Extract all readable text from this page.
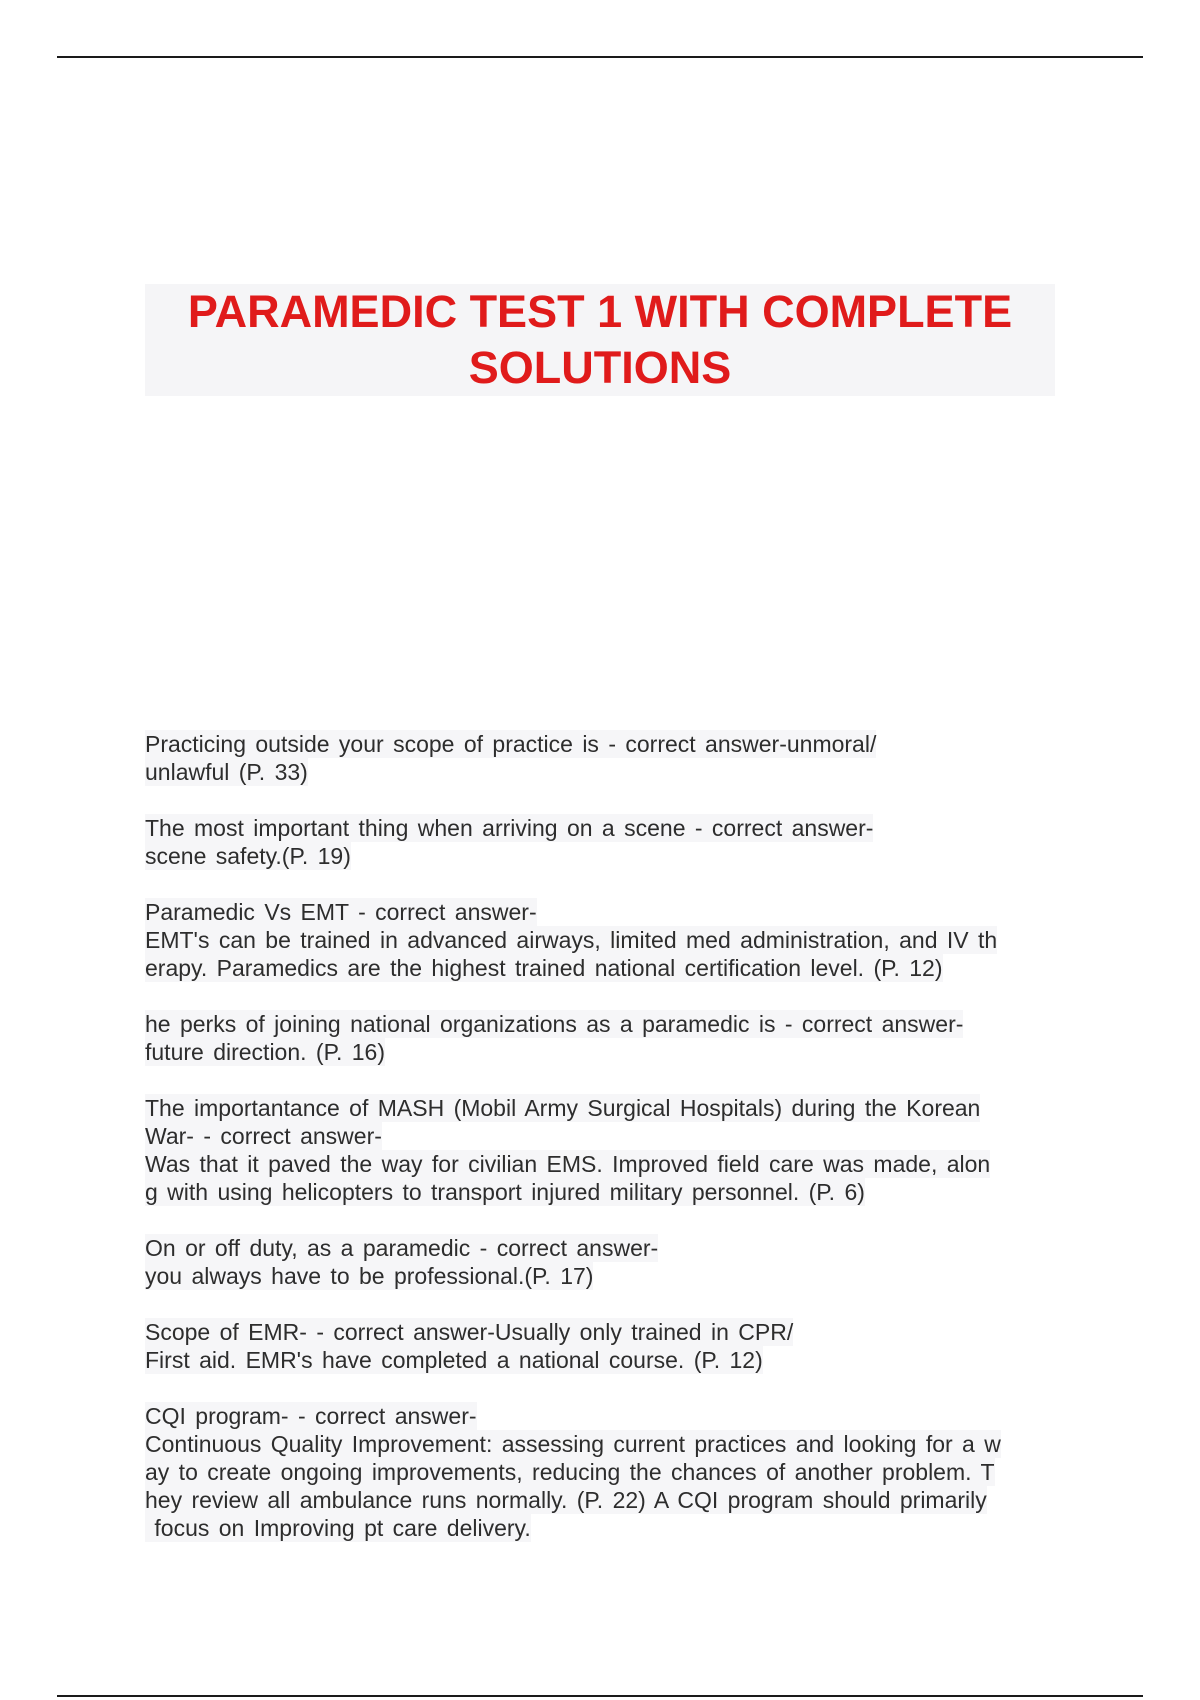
PARAMEDIC TEST 1 WITH COMPLETE
SOLUTIONS
Practicing outside your scope of practice is - correct answer-unmoral/
unlawful (P. 33)
The most important thing when arriving on a scene - correct answer-
scene safety.(P. 19)
Paramedic Vs EMT - correct answer-
EMT's can be trained in advanced airways, limited med administration, and IV th
erapy. Paramedics are the highest trained national certification level. (P. 12)
he perks of joining national organizations as a paramedic is - correct answer-
future direction. (P. 16)
The importantance of MASH (Mobil Army Surgical Hospitals) during the Korean
War- - correct answer-
Was that it paved the way for civilian EMS. Improved field care was made, alon
g with using helicopters to transport injured military personnel. (P. 6)
On or off duty, as a paramedic - correct answer-
you always have to be professional.(P. 17)
Scope of EMR- - correct answer-Usually only trained in CPR/
First aid. EMR's have completed a national course. (P. 12)
CQI program- - correct answer-
Continuous Quality Improvement: assessing current practices and looking for a w
ay to create ongoing improvements, reducing the chances of another problem. T
hey review all ambulance runs normally. (P. 22) A CQI program should primarily
focus on Improving pt care delivery.
